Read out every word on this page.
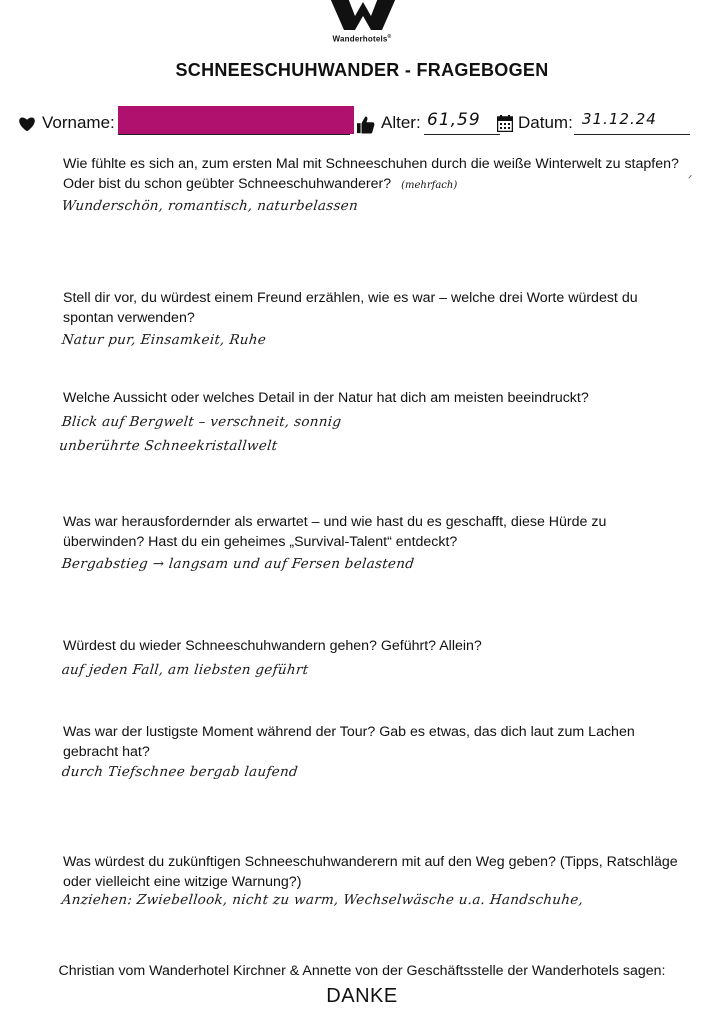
Wanderhotels®
SCHNEESCHUHWANDER - FRAGEBOGEN
Vorname:	Alter: 61,59 Datum: 31.12.24
ᐟ
Wie fühlte es sich an, zum ersten Mal mit Schneeschuhen durch die weiße Winterwelt zu stapfen? Oder bist du schon geübter Schneeschuhwanderer? (mehrfach)
Wunderschön, romantisch, naturbelassen
Stell dir vor, du würdest einem Freund erzählen, wie es war – welche drei Worte würdest du spontan verwenden?
Natur pur, Einsamkeit, Ruhe
Welche Aussicht oder welches Detail in der Natur hat dich am meisten beeindruckt?
Blick auf Bergwelt – verschneit, sonnig
unberührte Schneekristallwelt
Was war herausfordernder als erwartet – und wie hast du es geschafft, diese Hürde zu überwinden? Hast du ein geheimes „Survival-Talent“ entdeckt?
Bergabstieg → langsam und auf Fersen belastend
Würdest du wieder Schneeschuhwandern gehen? Geführt? Allein?
auf jeden Fall, am liebsten geführt
Was war der lustigste Moment während der Tour? Gab es etwas, das dich laut zum Lachen gebracht hat?
durch Tiefschnee bergab laufend
Was würdest du zukünftigen Schneeschuhwanderern mit auf den Weg geben? (Tipps, Ratschläge oder vielleicht eine witzige Warnung?)
Anziehen: Zwiebellook, nicht zu warm, Wechselwäsche u.a. Handschuhe,
Christian vom Wanderhotel Kirchner & Annette von der Geschäftsstelle der Wanderhotels sagen:
DANKE
